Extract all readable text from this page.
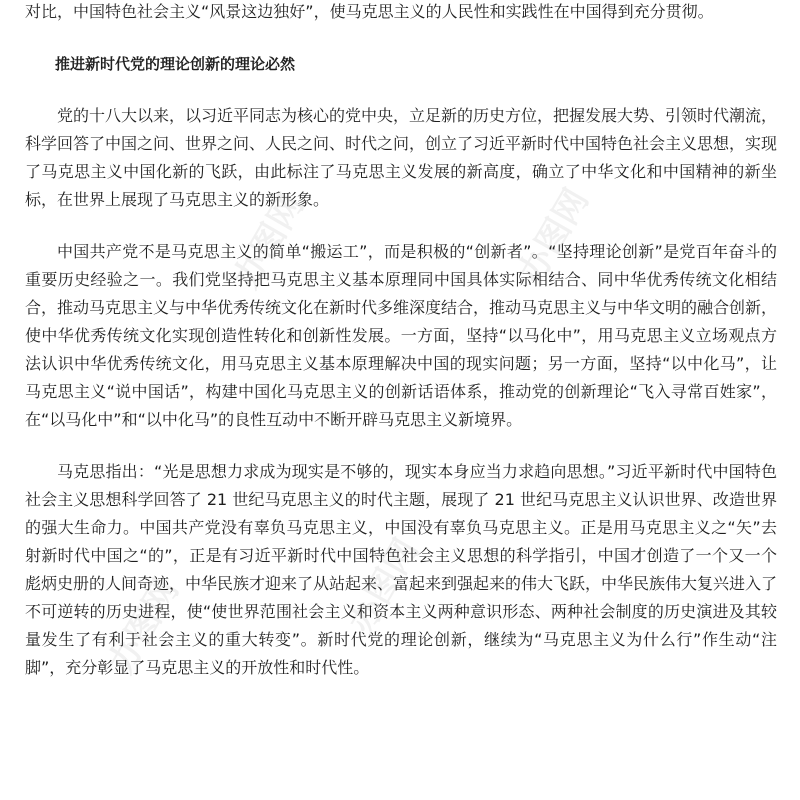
对比，中国特色社会主义“风景这边独好”，使马克思主义的人民性和实践性在中国得到充分贯彻。

推进新时代党的理论创新的理论必然

党的十八大以来，以习近平同志为核心的党中央，立足新的历史方位，把握发展大势、引领时代潮流，科学回答了中国之问、世界之问、人民之问、时代之问，创立了习近平新时代中国特色社会主义思想，实现了马克思主义中国化新的飞跃，由此标注了马克思主义发展的新高度，确立了中华文化和中国精神的新坐标，在世界上展现了马克思主义的新形象。

中国共产党不是马克思主义的简单“搬运工”，而是积极的“创新者”。“坚持理论创新”是党百年奋斗的重要历史经验之一。我们党坚持把马克思主义基本原理同中国具体实际相结合、同中华优秀传统文化相结合，推动马克思主义与中华优秀传统文化在新时代多维深度结合，推动马克思主义与中华文明的融合创新，使中华优秀传统文化实现创造性转化和创新性发展。一方面，坚持“以马化中”，用马克思主义立场观点方法认识中华优秀传统文化，用马克思主义基本原理解决中国的现实问题；另一方面，坚持“以中化马”，让马克思主义“说中国话”，构建中国化马克思主义的创新话语体系，推动党的创新理论“飞入寻常百姓家”，在“以马化中”和“以中化马”的良性互动中不断开辟马克思主义新境界。

马克思指出：“光是思想力求成为现实是不够的，现实本身应当力求趋向思想。”习近平新时代中国特色社会主义思想科学回答了 21 世纪马克思主义的时代主题，展现了 21 世纪马克思主义认识世界、改造世界的强大生命力。中国共产党没有辜负马克思主义，中国没有辜负马克思主义。正是用马克思主义之“矢”去射新时代中国之“的”，正是有习近平新时代中国特色社会主义思想的科学指引，中国才创造了一个又一个彪炳史册的人间奇迹，中华民族才迎来了从站起来、富起来到强起来的伟大飞跃，中华民族伟大复兴进入了不可逆转的历史进程，使“使世界范围社会主义和资本主义两种意识形态、两种社会制度的历史演进及其较量发生了有利于社会主义的重大转变”。新时代党的理论创新，继续为“马克思主义为什么行”作生动“注脚”，充分彰显了马克思主义的开放性和时代性。

办图网
办图网
办图网
办图网
